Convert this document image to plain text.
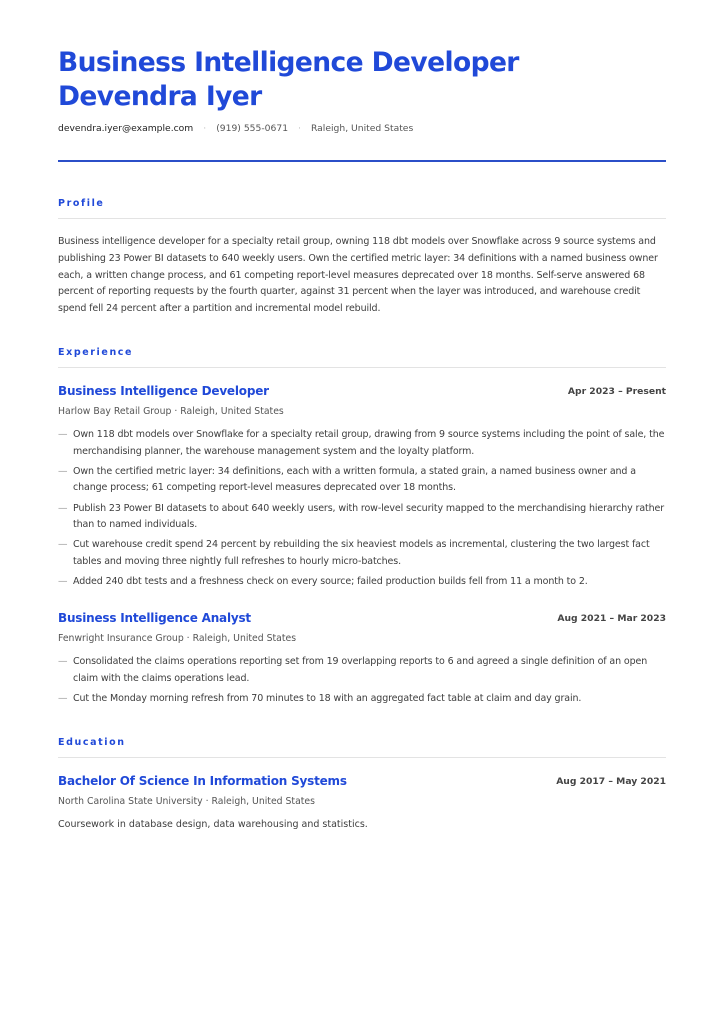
Business Intelligence Developer Devendra Iyer
devendra.iyer@example.com · (919) 555-0671 · Raleigh, United States
Profile
Business intelligence developer for a specialty retail group, owning 118 dbt models over Snowflake across 9 source systems and publishing 23 Power BI datasets to 640 weekly users. Own the certified metric layer: 34 definitions with a named business owner each, a written change process, and 61 competing report-level measures deprecated over 18 months. Self-serve answered 68 percent of reporting requests by the fourth quarter, against 31 percent when the layer was introduced, and warehouse credit spend fell 24 percent after a partition and incremental model rebuild.
Experience
Business Intelligence Developer	Apr 2023 – Present
Harlow Bay Retail Group · Raleigh, United States
— Own 118 dbt models over Snowflake for a specialty retail group, drawing from 9 source systems including the point of sale, the merchandising planner, the warehouse management system and the loyalty platform.
— Own the certified metric layer: 34 definitions, each with a written formula, a stated grain, a named business owner and a change process; 61 competing report-level measures deprecated over 18 months.
— Publish 23 Power BI datasets to about 640 weekly users, with row-level security mapped to the merchandising hierarchy rather than to named individuals.
— Cut warehouse credit spend 24 percent by rebuilding the six heaviest models as incremental, clustering the two largest fact tables and moving three nightly full refreshes to hourly micro-batches.
— Added 240 dbt tests and a freshness check on every source; failed production builds fell from 11 a month to 2.
Business Intelligence Analyst	Aug 2021 – Mar 2023
Fenwright Insurance Group · Raleigh, United States
— Consolidated the claims operations reporting set from 19 overlapping reports to 6 and agreed a single definition of an open claim with the claims operations lead.
— Cut the Monday morning refresh from 70 minutes to 18 with an aggregated fact table at claim and day grain.
Education
Bachelor Of Science In Information Systems	Aug 2017 – May 2021
North Carolina State University · Raleigh, United States
Coursework in database design, data warehousing and statistics.
